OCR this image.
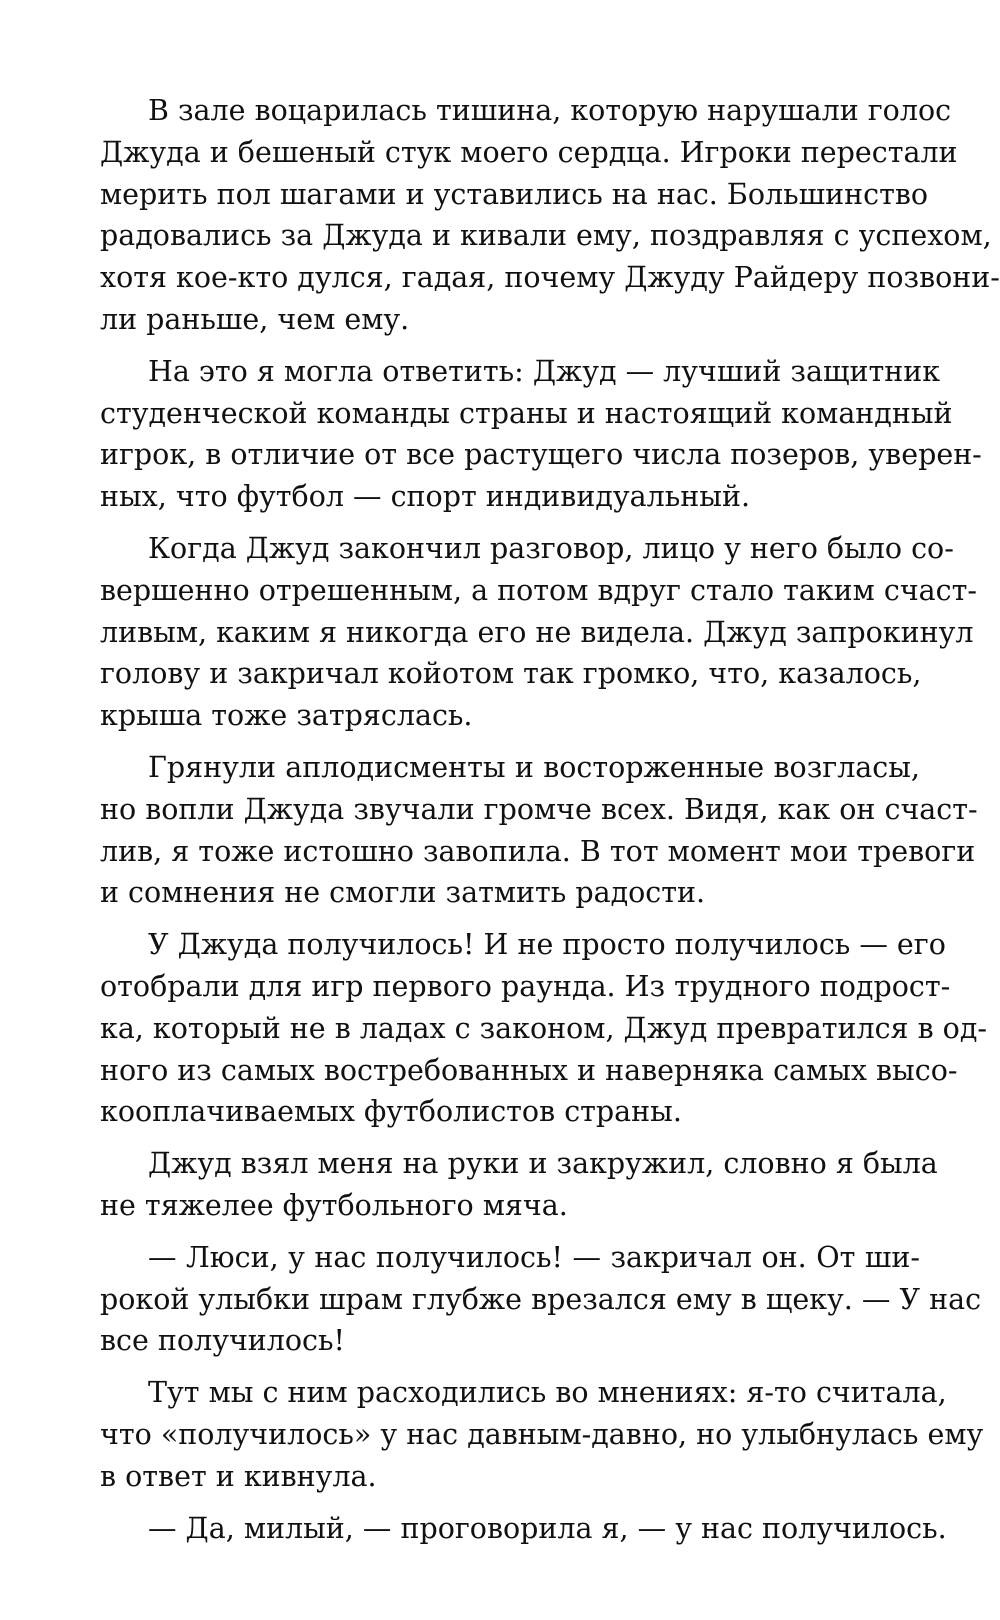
В зале воцарилась тишина, которую нарушали голос
Джуда и бешеный стук моего сердца. Игроки перестали
мерить пол шагами и уставились на нас. Большинство
радовались за Джуда и кивали ему, поздравляя с успехом,
хотя кое-кто дулся, гадая, почему Джуду Райдеру позвони-
ли раньше, чем ему.
На это я могла ответить: Джуд — лучший защитник
студенческой команды страны и настоящий командный
игрок, в отличие от все растущего числа позеров, уверен-
ных, что футбол — спорт индивидуальный.
Когда Джуд закончил разговор, лицо у него было со-
вершенно отрешенным, а потом вдруг стало таким счаст-
ливым, каким я никогда его не видела. Джуд запрокинул
голову и закричал койотом так громко, что, казалось,
крыша тоже затряслась.
Грянули аплодисменты и восторженные возгласы,
но вопли Джуда звучали громче всех. Видя, как он счаст-
лив, я тоже истошно завопила. В тот момент мои тревоги
и сомнения не смогли затмить радости.
У Джуда получилось! И не просто получилось — его
отобрали для игр первого раунда. Из трудного подрост-
ка, который не в ладах с законом, Джуд превратился в од-
ного из самых востребованных и наверняка самых высо-
кооплачиваемых футболистов страны.
Джуд взял меня на руки и закружил, словно я была
не тяжелее футбольного мяча.
— Люси, у нас получилось! — закричал он. От ши-
рокой улыбки шрам глубже врезался ему в щеку. — У нас
все получилось!
Тут мы с ним расходились во мнениях: я-то считала,
что «получилось» у нас давным-давно, но улыбнулась ему
в ответ и кивнула.
— Да, милый, — проговорила я, — у нас получилось.
